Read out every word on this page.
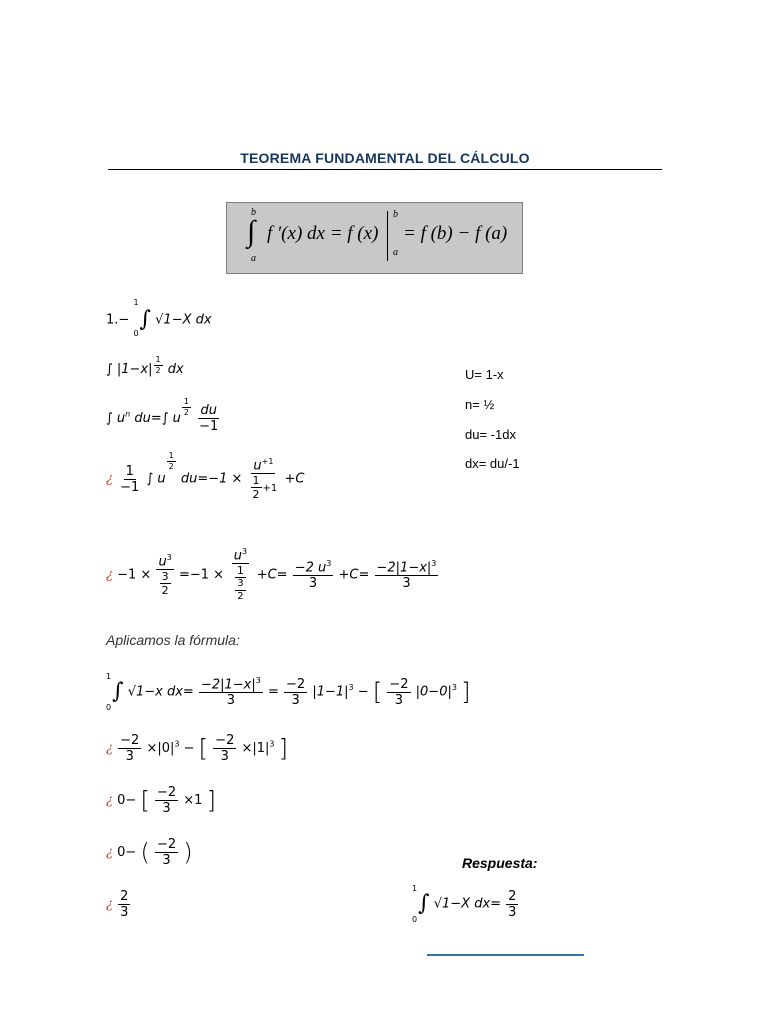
TEOREMA FUNDAMENTAL DEL CÁLCULO
b
∫
a
f ′(x) dx = f (x)
b
a
= f (b) − f (a)
1.−
1
0
∫ √1−X dx
∫ $|1-x| \frac{1}{2}$ dx
∫ $u^n$ du=∫ u
$\frac{1}{2}$
$\frac{du}{-1}$
¿ $\frac{1}{-1}$ ∫ u
$\frac{1}{2}$
$du=-1 \times \frac{u^{+1}}{\frac{1}{2} +1} +C$
¿ $-1 \times \frac{u^3}{\frac{3}{2}} =-1 \times \frac{u^3}{\frac{1}{\frac{3}{2}}} +C= \frac{-2 u^3}{3} +C= \frac{-2|1-x|^3}{3}$
Aplicamos la fórmula:
1
0
∫ √1−x $dx= \frac{-2|1-x|^3}{3} = \frac{-2}{3} |1-1|^3$ − [ $\frac{-2}{3} |0-0|^3$ ]
¿ $\frac{-2}{3} \times|0|^3$ − [ $\frac{-2}{3} \times|1|^3$ ]
¿ 0− [ $\frac{-2}{3} \times 1$ ]
¿ 0− ( $\frac{-2}{3}$ )
¿ $\frac{2}{3}$
U= 1-x
n= ½
du= -1dx
dx= du/-1
Respuesta:
1
0
∫ √1−X $dx= \frac{2}{3}$
